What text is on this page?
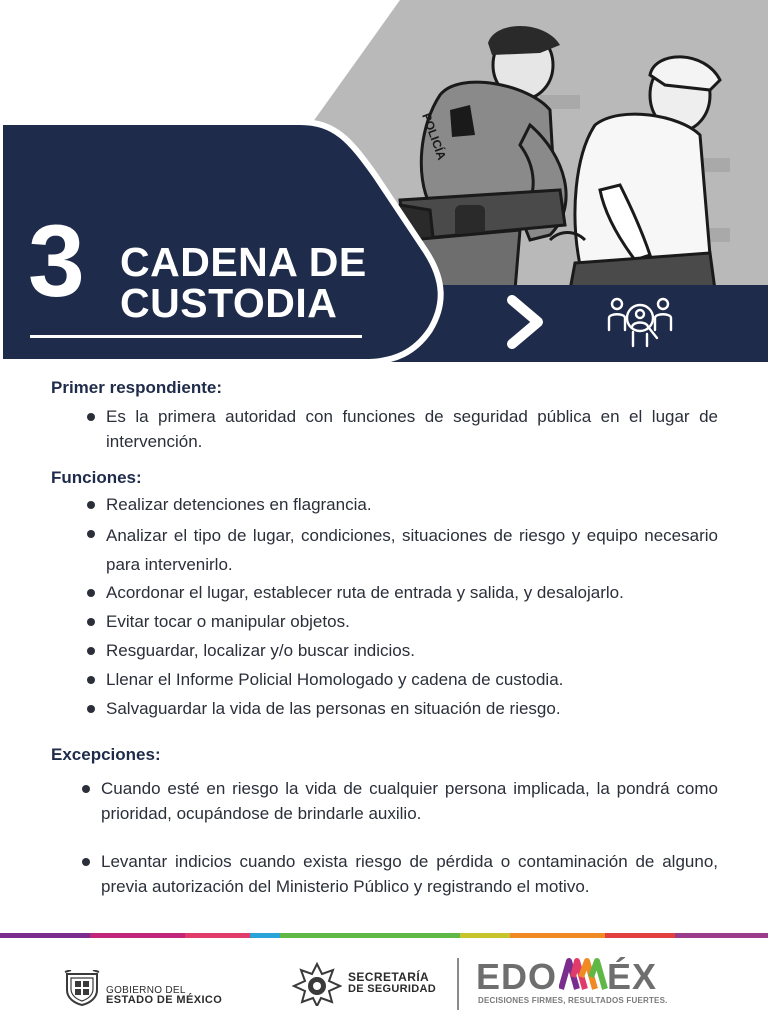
POLICÍA
3 CADENA DE
CUSTODIA
Primer respondiente:
Es la primera autoridad con funciones de seguridad pública en el lugar de intervención.
Funciones:
Realizar detenciones en flagrancia.
Analizar el tipo de lugar, condiciones, situaciones de riesgo y equipo necesario para intervenirlo.
Acordonar el lugar, establecer ruta de entrada y salida, y desalojarlo.
Evitar tocar o manipular objetos.
Resguardar, localizar y/o buscar indicios.
Llenar el Informe Policial Homologado y cadena de custodia.
Salvaguardar la vida de las personas en situación de riesgo.
Excepciones:
Cuando esté en riesgo la vida de cualquier persona implicada, la pondrá como prioridad, ocupándose de brindarle auxilio.
Levantar indicios cuando exista riesgo de pérdida o contaminación de alguno, previa autorización del Ministerio Público y registrando el motivo.
GOBIERNO DEL
ESTADO DE MÉXICO
SECRETARÍA
DE SEGURIDAD EDO ÉX
DECISIONES FIRMES, RESULTADOS FUERTES.
